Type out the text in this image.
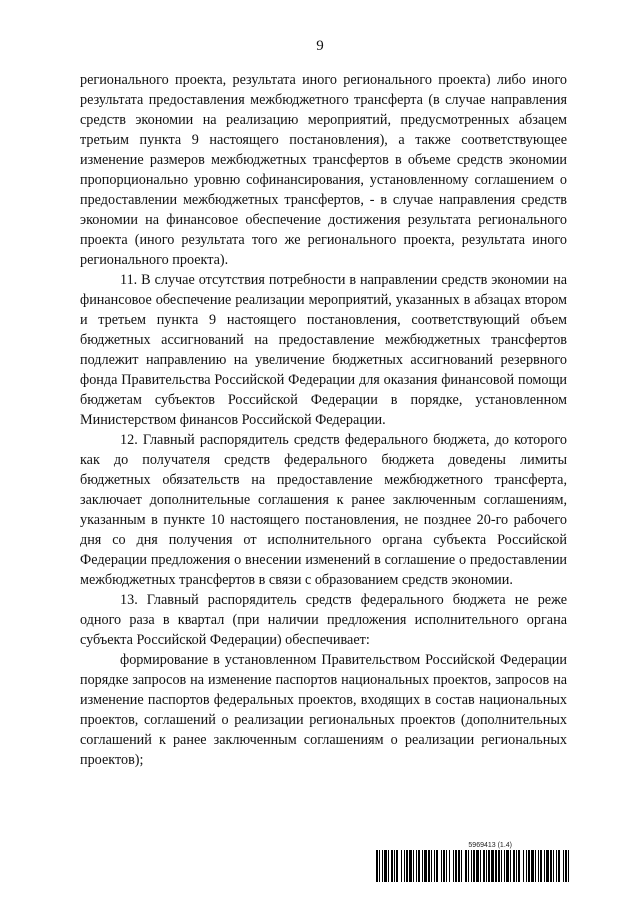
9

регионального проекта, результата иного регионального проекта) либо иного результата предоставления межбюджетного трансферта (в случае направления средств экономии на реализацию мероприятий, предусмотренных абзацем третьим пункта 9 настоящего постановления), а также соответствующее изменение размеров межбюджетных трансфертов в объеме средств экономии пропорционально уровню софинансирования, установленному соглашением о предоставлении межбюджетных трансфертов, - в случае направления средств экономии на финансовое обеспечение достижения результата регионального проекта (иного результата того же регионального проекта, результата иного регионального проекта).

11. В случае отсутствия потребности в направлении средств экономии на финансовое обеспечение реализации мероприятий, указанных в абзацах втором и третьем пункта 9 настоящего постановления, соответствующий объем бюджетных ассигнований на предоставление межбюджетных трансфертов подлежит направлению на увеличение бюджетных ассигнований резервного фонда Правительства Российской Федерации для оказания финансовой помощи бюджетам субъектов Российской Федерации в порядке, установленном Министерством финансов Российской Федерации.

12. Главный распорядитель средств федерального бюджета, до которого как до получателя средств федерального бюджета доведены лимиты бюджетных обязательств на предоставление межбюджетного трансферта, заключает дополнительные соглашения к ранее заключенным соглашениям, указанным в пункте 10 настоящего постановления, не позднее 20-го рабочего дня со дня получения от исполнительного органа субъекта Российской Федерации предложения о внесении изменений в соглашение о предоставлении межбюджетных трансфертов в связи с образованием средств экономии.

13. Главный распорядитель средств федерального бюджета не реже одного раза в квартал (при наличии предложения исполнительного органа субъекта Российской Федерации) обеспечивает:

формирование в установленном Правительством Российской Федерации порядке запросов на изменение паспортов национальных проектов, запросов на изменение паспортов федеральных проектов, входящих в состав национальных проектов, соглашений о реализации региональных проектов (дополнительных соглашений к ранее заключенным соглашениям о реализации региональных проектов);

5969413 (1.4)
